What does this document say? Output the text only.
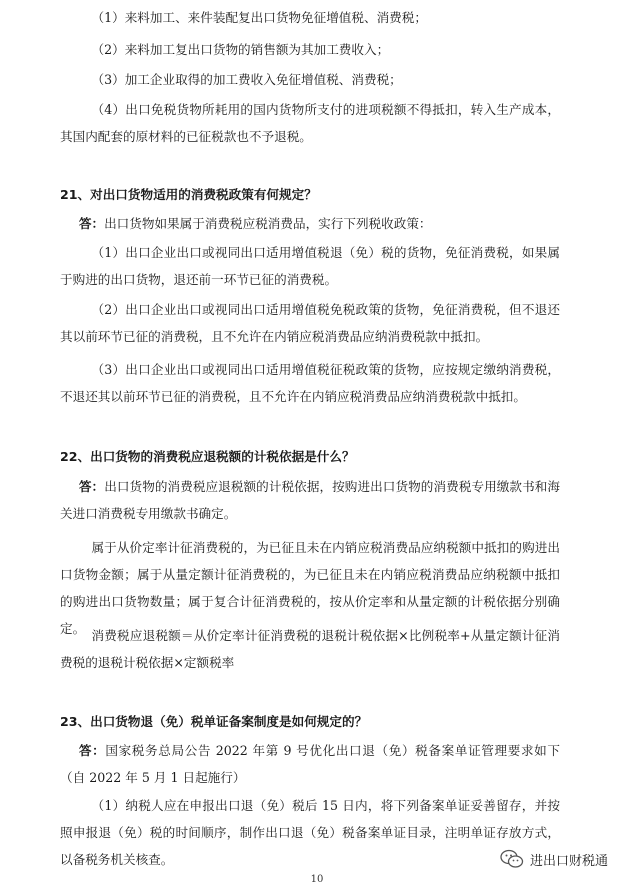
（1）来料加工、来件装配复出口货物免征增值税、消费税；

（2）来料加工复出口货物的销售额为其加工费收入；

（3）加工企业取得的加工费收入免征增值税、消费税；

（4）出口免税货物所耗用的国内货物所支付的进项税额不得抵扣，转入生产成本，其国内配套的原材料的已征税款也不予退税。

21、对出口货物适用的消费税政策有何规定？

答：出口货物如果属于消费税应税消费品，实行下列税收政策：

（1）出口企业出口或视同出口适用增值税退（免）税的货物，免征消费税，如果属于购进的出口货物，退还前一环节已征的消费税。

（2）出口企业出口或视同出口适用增值税免税政策的货物，免征消费税，但不退还其以前环节已征的消费税，且不允许在内销应税消费品应纳消费税款中抵扣。

（3）出口企业出口或视同出口适用增值税征税政策的货物，应按规定缴纳消费税，不退还其以前环节已征的消费税，且不允许在内销应税消费品应纳消费税款中抵扣。

22、出口货物的消费税应退税额的计税依据是什么？

答：出口货物的消费税应退税额的计税依据，按购进出口货物的消费税专用缴款书和海关进口消费税专用缴款书确定。

属于从价定率计征消费税的，为已征且未在内销应税消费品应纳税额中抵扣的购进出口货物金额；属于从量定额计征消费税的，为已征且未在内销应税消费品应纳税额中抵扣的购进出口货物数量；属于复合计征消费税的，按从价定率和从量定额的计税依据分别确定。 消费税应退税额＝从价定率计征消费税的退税计税依据×比例税率+从量定额计征消费税的退税计税依据×定额税率

23、出口货物退（免）税单证备案制度是如何规定的？

答：国家税务总局公告 2022 年第 9 号优化出口退（免）税备案单证管理要求如下（自 2022 年 5 月 1 日起施行）

（1）纳税人应在申报出口退（免）税后 15 日内，将下列备案单证妥善留存，并按照申报退（免）税的时间顺序，制作出口退（免）税备案单证目录，注明单证存放方式，以备税务机关核查。	进出口财税通
10
